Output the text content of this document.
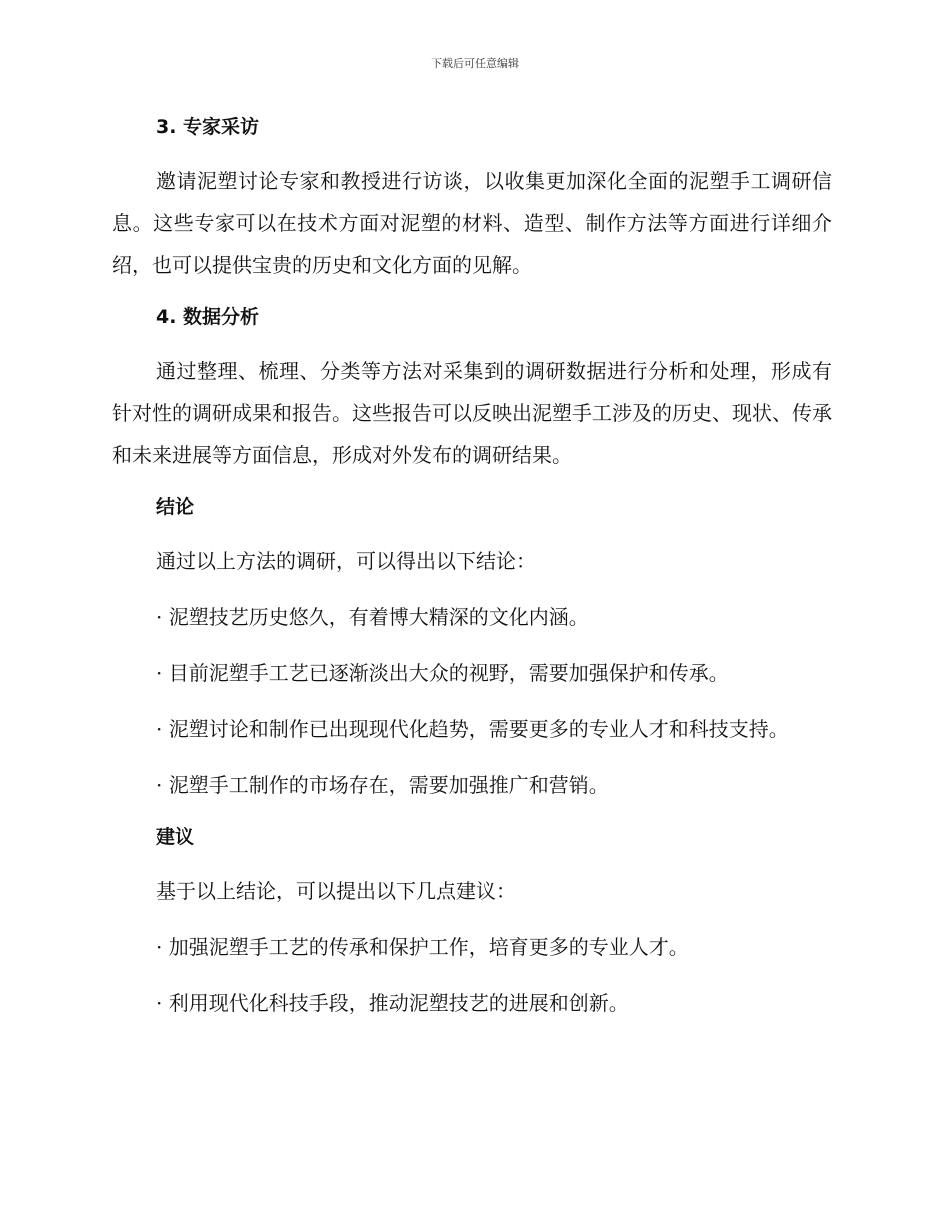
下载后可任意编辑
3. 专家采访

邀请泥塑讨论专家和教授进行访谈，以收集更加深化全面的泥塑手工调研信息。这些专家可以在技术方面对泥塑的材料、造型、制作方法等方面进行详细介绍，也可以提供宝贵的历史和文化方面的见解。

4. 数据分析

通过整理、梳理、分类等方法对采集到的调研数据进行分析和处理，形成有针对性的调研成果和报告。这些报告可以反映出泥塑手工涉及的历史、现状、传承和未来进展等方面信息，形成对外发布的调研结果。

结论

通过以上方法的调研，可以得出以下结论：

· 泥塑技艺历史悠久，有着博大精深的文化内涵。

· 目前泥塑手工艺已逐渐淡出大众的视野，需要加强保护和传承。

· 泥塑讨论和制作已出现现代化趋势，需要更多的专业人才和科技支持。

· 泥塑手工制作的市场存在，需要加强推广和营销。

建议

基于以上结论，可以提出以下几点建议：

· 加强泥塑手工艺的传承和保护工作，培育更多的专业人才。

· 利用现代化科技手段，推动泥塑技艺的进展和创新。
